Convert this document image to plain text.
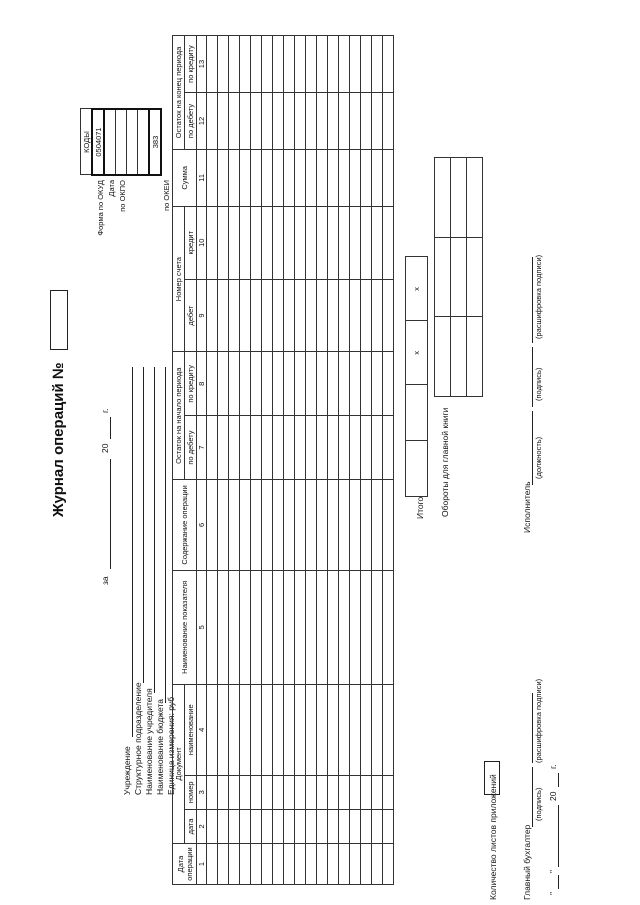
Журнал операций №
за
20
г.
Учреждение Структурное подразделение Наименование учредителя Наименование бюджета Единица измерения: руб
Форма по ОКУД Дата по ОКПО	по ОКЕИ
КОДЫ
0504071

383
Дата операции	Документ			Наименование показателя	Содержание операции	Остаток на начало периода		Номер счета		Сумма	Остаток на конец периода	
	дата	номер	наименование			по дебету	по кредиту	дебет	кредит		по дебету	по кредиту
1	2	3	4	5	6	7	8	9	10	11	12	13

Итого
		х	х	
Обороты для главной книги

Количество листов приложений	Главный бухгалтер
(подпись)
(расшифровка подписи)
"
"
20
г.
Исполнитель
(должность)
(подпись)
(расшифровка подписи)
